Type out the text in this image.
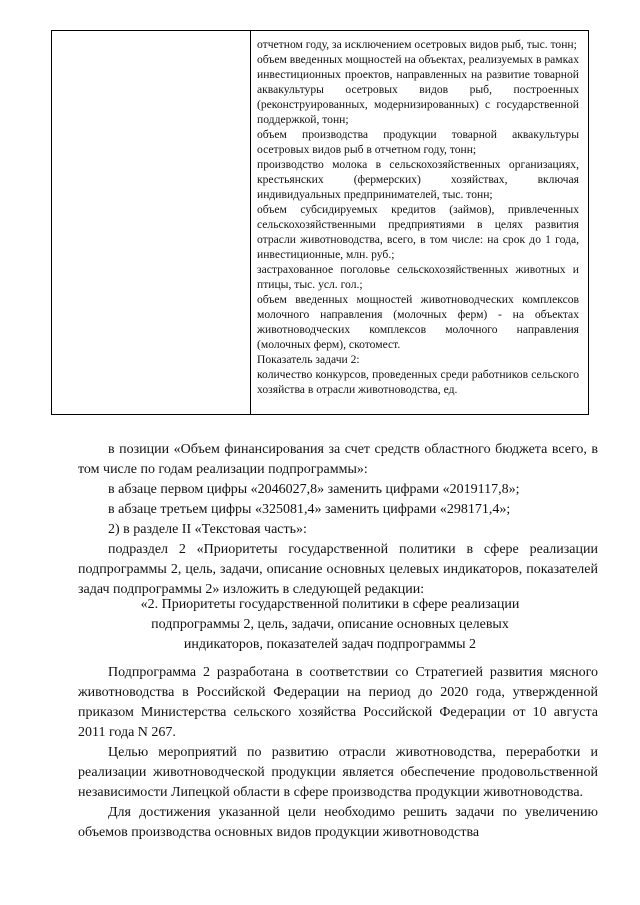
отчетном году, за исключением осетровых видов рыб, тыс. тонн;

объем введенных мощностей на объектах, реализуемых в рамках инвестиционных проектов, направленных на развитие товарной аквакультуры осетровых видов рыб, построенных (реконструированных, модернизированных) с государственной поддержкой, тонн;

объем производства продукции товарной аквакультуры осетровых видов рыб в отчетном году, тонн;

производство молока в сельскохозяйственных организациях, крестьянских (фермерских) хозяйствах, включая индивидуальных предпринимателей, тыс. тонн;

объем субсидируемых кредитов (займов), привлеченных сельскохозяйственными предприятиями в целях развития отрасли животноводства, всего, в том числе: на срок до 1 года, инвестиционные, млн. руб.;

застрахованное поголовье сельскохозяйственных животных и птицы, тыс. усл. гол.;

объем введенных мощностей животноводческих комплексов молочного направления (молочных ферм) - на объектах животноводческих комплексов молочного направления (молочных ферм), скотомест.

Показатель задачи 2:

количество конкурсов, проведенных среди работников сельского хозяйства в отрасли животноводства, ед.

в позиции «Объем финансирования за счет средств областного бюджета всего, в том числе по годам реализации подпрограммы»:

в абзаце первом цифры «2046027,8» заменить цифрами «2019117,8»;

в абзаце третьем цифры «325081,4» заменить цифрами «298171,4»;

2) в разделе II «Текстовая часть»:

подраздел 2 «Приоритеты государственной политики в сфере реализации подпрограммы 2, цель, задачи, описание основных целевых индикаторов, показателей задач подпрограммы 2» изложить в следующей редакции:

«2. Приоритеты государственной политики в сфере реализации
подпрограммы 2, цель, задачи, описание основных целевых
индикаторов, показателей задач подпрограммы 2

Подпрограмма 2 разработана в соответствии со Стратегией развития мясного животноводства в Российской Федерации на период до 2020 года, утвержденной приказом Министерства сельского хозяйства Российской Федерации от 10 августа 2011 года N 267.

Целью мероприятий по развитию отрасли животноводства, переработки и реализации животноводческой продукции является обеспечение продовольственной независимости Липецкой области в сфере производства продукции животноводства.

Для достижения указанной цели необходимо решить задачи по увеличению объемов производства основных видов продукции животноводства
